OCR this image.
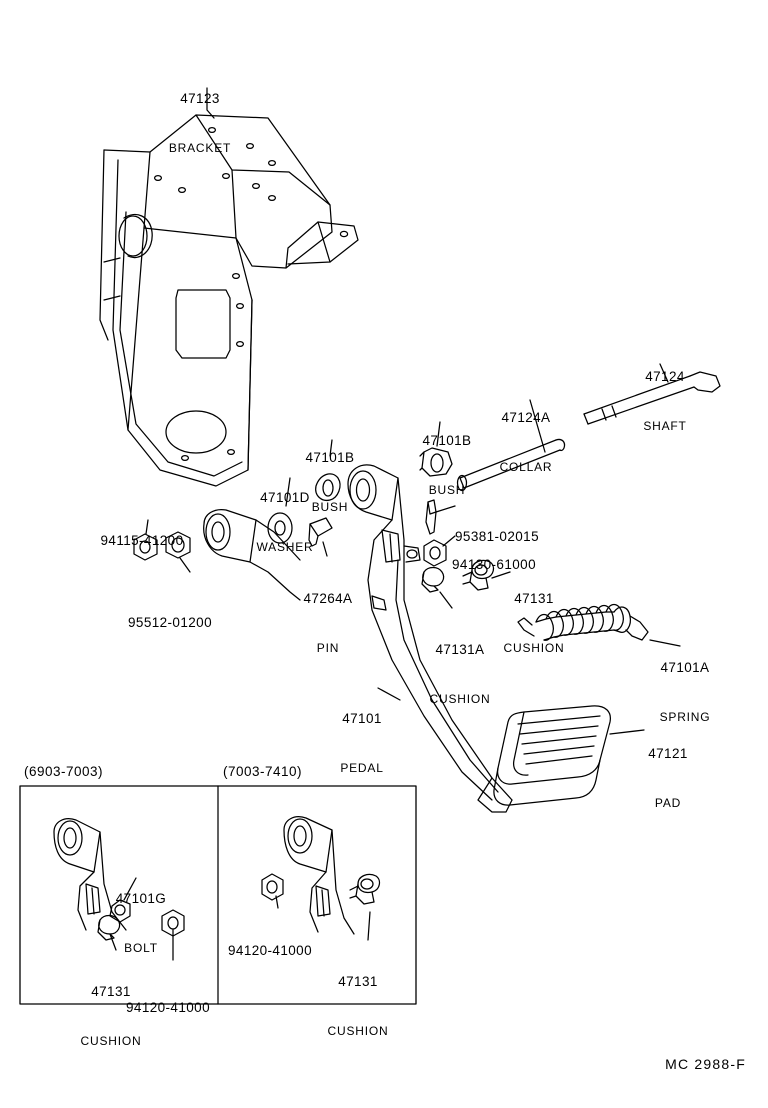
47123

BRACKET

47124

SHAFT

47124A

COLLAR

47101B

BUSH

47101B

BUSH

47101D

WASHER

94115-41200

95512-01200

47264A

PIN

95381-02015

94130-61000

47131

CUSHION

47131A

CUSHION

47101A

SPRING

47101

PEDAL

47121

PAD

47101G

BOLT

47131

CUSHION

94120-41000

94120-41000

47131

CUSHION

(6903-7003)	(7003-7410)
MC 2988-F
